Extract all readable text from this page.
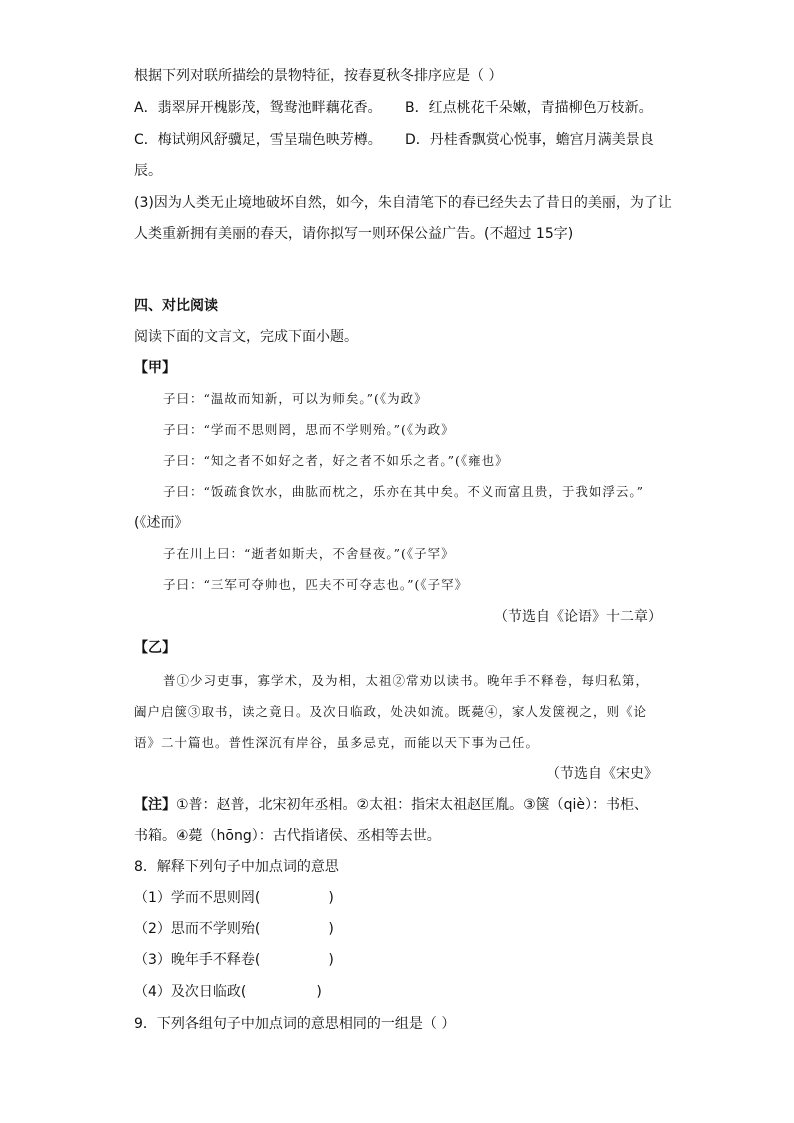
根据下列对联所描绘的景物特征，按春夏秋冬排序应是（ ）
A．翡翠屏开槐影茂，鸳鸯池畔藕花香。 B．红点桃花千朵嫩，青描柳色万枝新。
C．梅试朔风舒骥足，雪呈瑞色映芳樽。 D．丹桂香飘赏心悦事，蟾宫月满美景良
辰。
(3)因为人类无止境地破坏自然，如今，朱自清笔下的春已经失去了昔日的美丽，为了让
人类重新拥有美丽的春天，请你拟写一则环保公益广告。(不超过 15字)
四、对比阅读
阅读下面的文言文，完成下面小题。
【甲】
子曰：“温故而知新，可以为师矣。”(《为政》
子曰：“学而不思则罔，思而不学则殆。”(《为政》
子曰：“知之者不如好之者，好之者不如乐之者。”(《雍也》
子曰：“饭疏食饮水，曲肱而枕之，乐亦在其中矣。不义而富且贵，于我如浮云。”
(《述而》
子在川上曰：“逝者如斯夫，不舍昼夜。”(《子罕》
子曰：“三军可夺帅也，匹夫不可夺志也。”(《子罕》
（节选自《论语》十二章）
【乙】
普①少习吏事，寡学术，及为相，太祖②常劝以读书。晚年手不释卷，每归私第，
阖户启箧③取书，读之竟日。及次日临政，处决如流。既薨④，家人发箧视之，则《论
语》二十篇也。普性深沉有岸谷，虽多忌克，而能以天下事为己任。
（节选自《宋史》
【注】①普：赵普，北宋初年丞相。②太祖：指宋太祖赵匡胤。③箧（qiè）：书柜、
书箱。④薨（hōng）：古代指诸侯、丞相等去世。
8．解释下列句子中加点词的意思
（1）学而不思则罔(	)
（2）思而不学则殆(	)
（3）晚年手不释卷(	)
（4）及次日临政(	)
9．下列各组句子中加点词的意思相同的一组是（ ）
